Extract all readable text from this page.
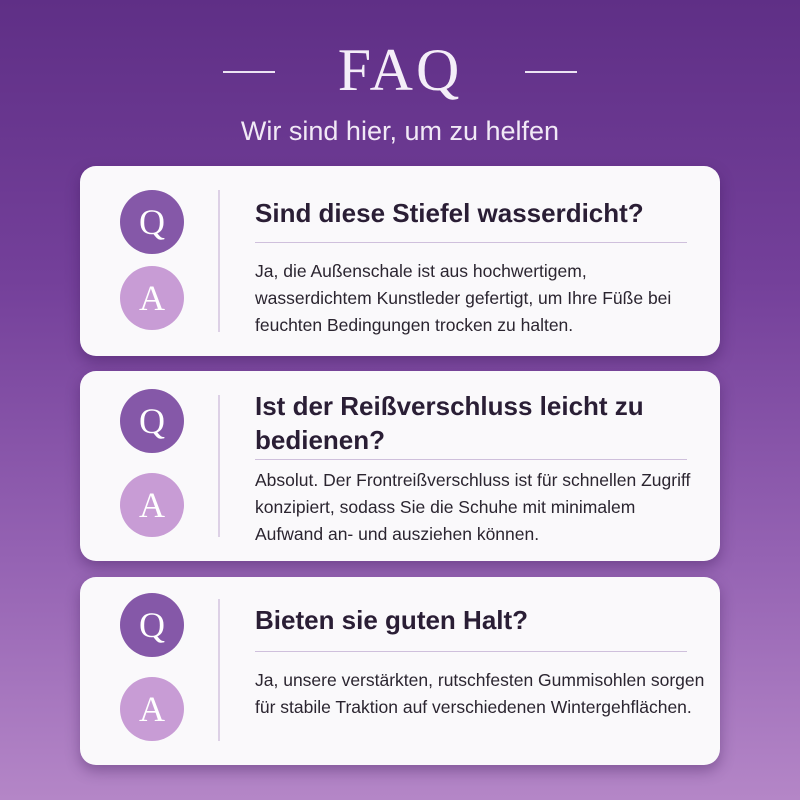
FAQ
Wir sind hier, um zu helfen
Q
A
Sind diese Stiefel wasserdicht?
Ja, die Außenschale ist aus hochwertigem, wasserdichtem Kunstleder gefertigt, um Ihre Füße bei feuchten Bedingungen trocken zu halten.
Q
A
Ist der Reißverschluss leicht zu bedienen?
Absolut. Der Frontreißverschluss ist für schnellen Zugriff konzipiert, sodass Sie die Schuhe mit minimalem Aufwand an- und ausziehen können.
Q
A
Bieten sie guten Halt?
Ja, unsere verstärkten, rutschfesten Gummisohlen sorgen für stabile Traktion auf verschiedenen Wintergehflächen.
